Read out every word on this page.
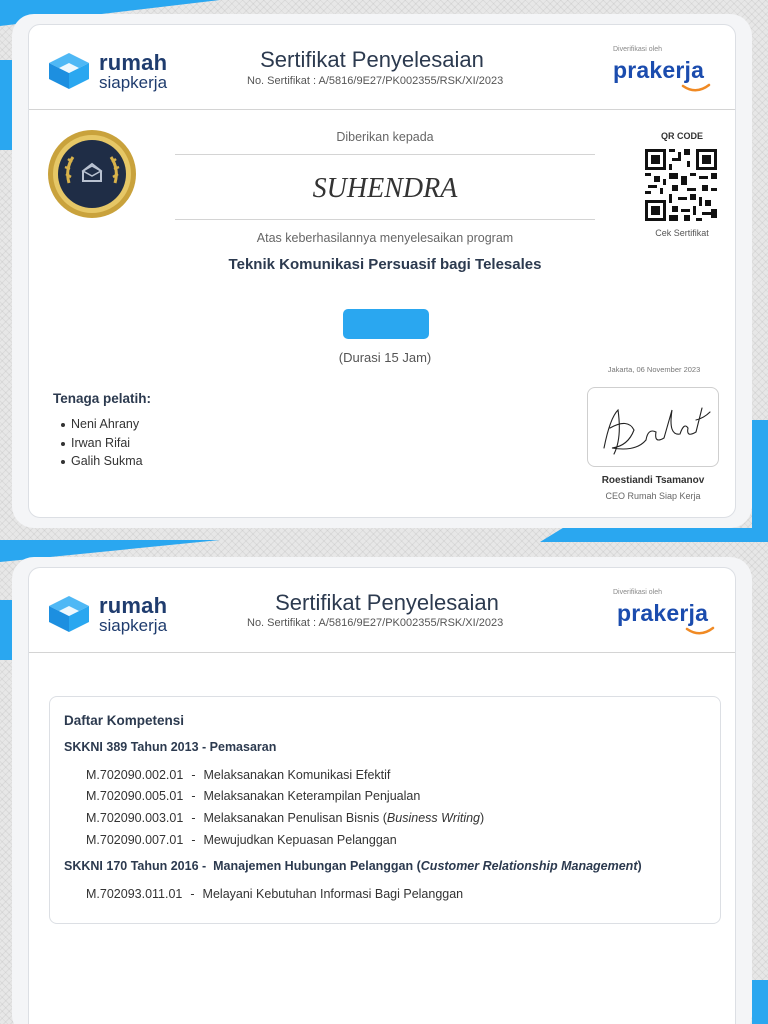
rumah
siapkerja
Sertifikat Penyelesaian
No. Sertifikat : A/5816/9E27/PK002355/RSK/XI/2023
Diverifikasi oleh
prakerja
Diberikan kepada
SUHENDRA
Atas keberhasilannya menyelesaikan program
Teknik Komunikasi Persuasif bagi Telesales
(Durasi 15 Jam)
QR CODE
Cek Sertifikat
Jakarta, 06 November 2023
Tenaga pelatih:
Neni Ahrany
Irwan Rifai
Galih Sukma
Roestiandi Tsamanov
CEO Rumah Siap Kerja
rumah
siapkerja
Sertifikat Penyelesaian
No. Sertifikat : A/5816/9E27/PK002355/RSK/XI/2023
Diverifikasi oleh
prakerja
Daftar Kompetensi
SKKNI 389 Tahun 2013 - Pemasaran
M.702090.002.01 - Melaksanakan Komunikasi Efektif
M.702090.005.01 - Melaksanakan Keterampilan Penjualan
M.702090.003.01 - Melaksanakan Penulisan Bisnis (Business Writing)
M.702090.007.01 - Mewujudkan Kepuasan Pelanggan
SKKNI 170 Tahun 2016 -  Manajemen Hubungan Pelanggan (Customer Relationship Management)
M.702093.011.01 - Melayani Kebutuhan Informasi Bagi Pelanggan
